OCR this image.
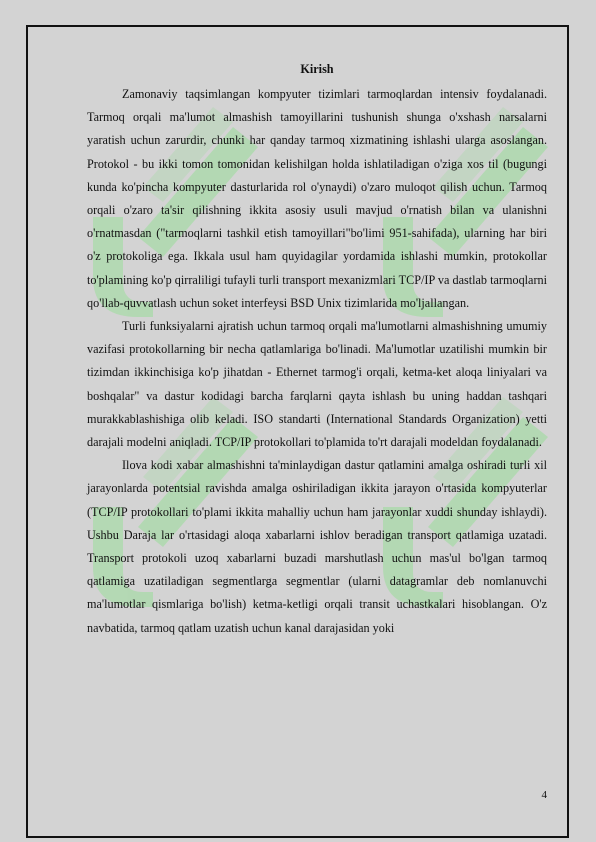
Kirish

Zamonaviy taqsimlangan kompyuter tizimlari tarmoqlardan intensiv foydalanadi. Tarmoq orqali ma'lumot almashish tamoyillarini tushunish shunga o'xshash narsalarni yaratish uchun zarurdir, chunki har qanday tarmoq xizmatining ishlashi ularga asoslangan. Protokol - bu ikki tomon tomonidan kelishilgan holda ishlatiladigan o'ziga xos til (bugungi kunda ko'pincha kompyuter dasturlarida rol o'ynaydi) o'zaro muloqot qilish uchun. Tarmoq orqali o'zaro ta'sir qilishning ikkita asosiy usuli mavjud o'rnatish bilan va ulanishni o'rnatmasdan ("tarmoqlarni tashkil etish tamoyillari"bo'limi 951-sahifada), ularning har biri o'z protokoliga ega. Ikkala usul ham quyidagilar yordamida ishlashi mumkin, protokollar to'plamining ko'p qirraliligi tufayli turli transport mexanizmlari TCP/IP va dastlab tarmoqlarni qo'llab-quvvatlash uchun soket interfeysi BSD Unix tizimlarida mo'ljallangan.

Turli funksiyalarni ajratish uchun tarmoq orqali ma'lumotlarni almashishning umumiy vazifasi protokollarning bir necha qatlamlariga bo'linadi. Ma'lumotlar uzatilishi mumkin bir tizimdan ikkinchisiga ko'p jihatdan - Ethernet tarmog'i orqali, ketma-ket aloqa liniyalari va boshqalar" va dastur kodidagi barcha farqlarni qayta ishlash bu uning haddan tashqari murakkablashishiga olib keladi. ISO standarti (International Standards Organization) yetti darajali modelni aniqladi. TCP/IP protokollari to'plamida to'rt darajali modeldan foydalanadi.

Ilova kodi xabar almashishni ta'minlaydigan dastur qatlamini amalga oshiradi turli xil jarayonlarda potentsial ravishda amalga oshiriladigan ikkita jarayon o'rtasida kompyuterlar (TCP/IP protokollari to'plami ikkita mahalliy uchun ham jarayonlar xuddi shunday ishlaydi). Ushbu Daraja lar o'rtasidagi aloqa xabarlarni ishlov beradigan transport qatlamiga uzatadi. Transport protokoli uzoq xabarlarni buzadi marshutlash uchun mas'ul bo'lgan tarmoq qatlamiga uzatiladigan segmentlarga segmentlar (ularni datagramlar deb nomlanuvchi ma'lumotlar qismlariga bo'lish) ketma-ketligi orqali transit uchastkalari hisoblangan. O'z navbatida, tarmoq qatlam uzatish uchun kanal darajasidan yoki

4
